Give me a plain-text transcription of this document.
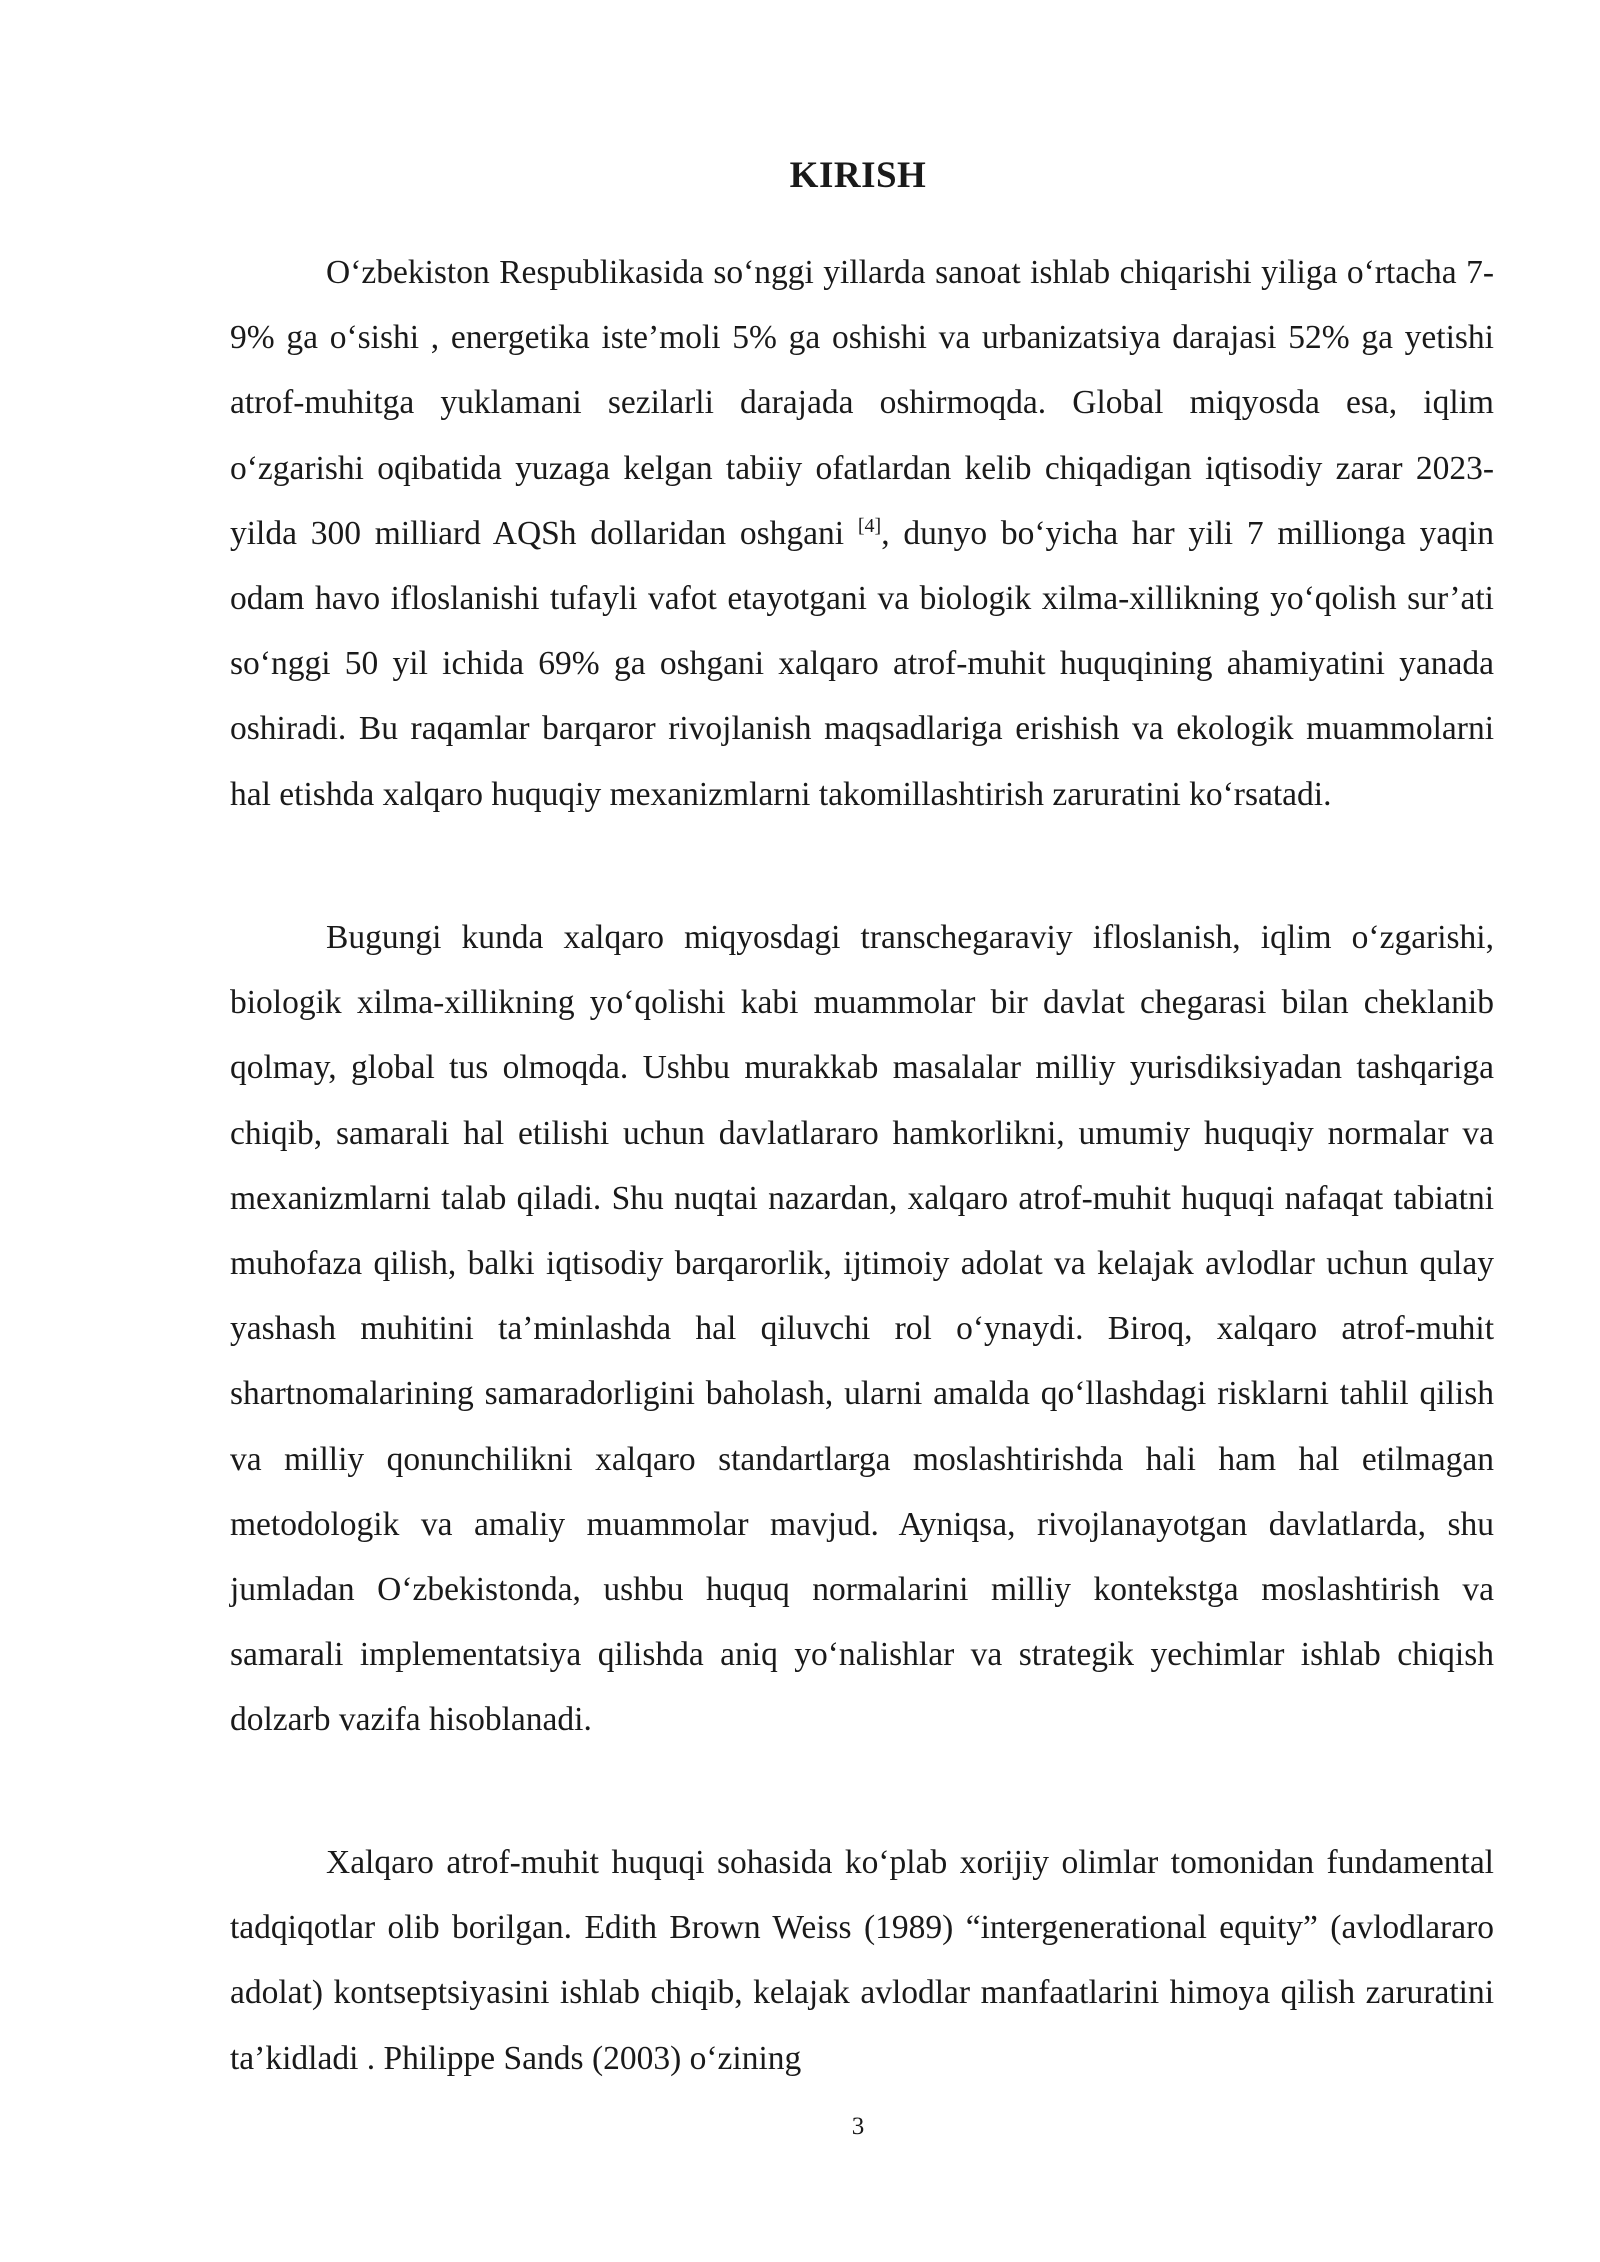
KIRISH

O‘zbekiston Respublikasida so‘nggi yillarda sanoat ishlab chiqarishi yiliga o‘rtacha 7-9% ga o‘sishi , energetika iste’moli 5% ga oshishi va urbanizatsiya darajasi 52% ga yetishi atrof-muhitga yuklamani sezilarli darajada oshirmoqda. Global miqyosda esa, iqlim o‘zgarishi oqibatida yuzaga kelgan tabiiy ofatlardan kelib chiqadigan iqtisodiy zarar 2023-yilda 300 milliard AQSh dollaridan oshgani [4], dunyo bo‘yicha har yili 7 millionga yaqin odam havo ifloslanishi tufayli vafot etayotgani va biologik xilma-xillikning yo‘qolish sur’ati so‘nggi 50 yil ichida 69% ga oshgani xalqaro atrof-muhit huquqining ahamiyatini yanada oshiradi. Bu raqamlar barqaror rivojlanish maqsadlariga erishish va ekologik muammolarni hal etishda xalqaro huquqiy mexanizmlarni takomillashtirish zaruratini ko‘rsatadi.

Bugungi kunda xalqaro miqyosdagi transchegaraviy ifloslanish, iqlim o‘zgarishi, biologik xilma-xillikning yo‘qolishi kabi muammolar bir davlat chegarasi bilan cheklanib qolmay, global tus olmoqda. Ushbu murakkab masalalar milliy yurisdiksiyadan tashqariga chiqib, samarali hal etilishi uchun davlatlararo hamkorlikni, umumiy huquqiy normalar va mexanizmlarni talab qiladi. Shu nuqtai nazardan, xalqaro atrof-muhit huquqi nafaqat tabiatni muhofaza qilish, balki iqtisodiy barqarorlik, ijtimoiy adolat va kelajak avlodlar uchun qulay yashash muhitini ta’minlashda hal qiluvchi rol o‘ynaydi. Biroq, xalqaro atrof-muhit shartnomalarining samaradorligini baholash, ularni amalda qo‘llashdagi risklarni tahlil qilish va milliy qonunchilikni xalqaro standartlarga moslashtirishda hali ham hal etilmagan metodologik va amaliy muammolar mavjud. Ayniqsa, rivojlanayotgan davlatlarda, shu jumladan O‘zbekistonda, ushbu huquq normalarini milliy kontekstga moslashtirish va samarali implementatsiya qilishda aniq yo‘nalishlar va strategik yechimlar ishlab chiqish dolzarb vazifa hisoblanadi.

Xalqaro atrof-muhit huquqi sohasida ko‘plab xorijiy olimlar tomonidan fundamental tadqiqotlar olib borilgan. Edith Brown Weiss (1989) “intergenerational equity” (avlodlararo adolat) kontseptsiyasini ishlab chiqib, kelajak avlodlar manfaatlarini himoya qilish zaruratini ta’kidladi . Philippe Sands (2003) o‘zining

3
